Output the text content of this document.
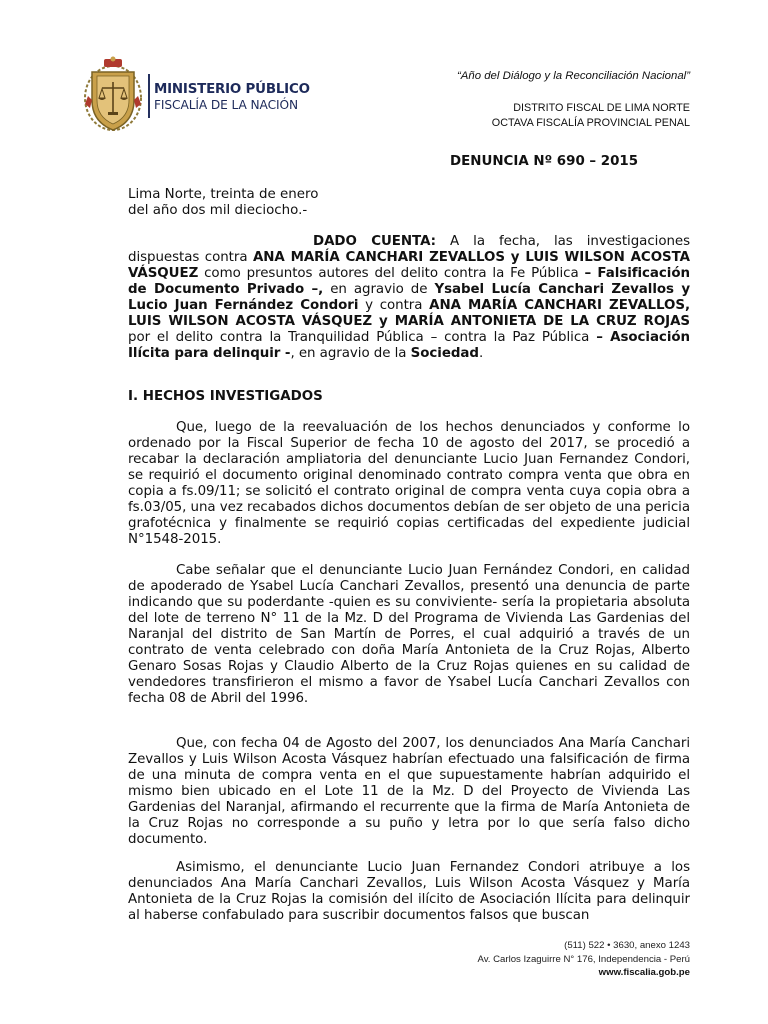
MINISTERIO PÚBLICO
FISCALÍA DE LA NACIÓN
“Año del Diálogo y la Reconciliación Nacional”
DISTRITO FISCAL DE LIMA NORTE
OCTAVA FISCALÍA PROVINCIAL PENAL
DENUNCIA Nº 690 – 2015
Lima Norte, treinta de enero
del año dos mil dieciocho.-

DADO CUENTA: A la fecha, las investigaciones dispuestas contra ANA MARÍA CANCHARI ZEVALLOS y LUIS WILSON ACOSTA VÁSQUEZ como presuntos autores del delito contra la Fe Pública – Falsificación de Documento Privado –, en agravio de Ysabel Lucía Canchari Zevallos y Lucio Juan Fernández Condori y contra ANA MARÍA CANCHARI ZEVALLOS, LUIS WILSON ACOSTA VÁSQUEZ y MARÍA ANTONIETA DE LA CRUZ ROJAS por el delito contra la Tranquilidad Pública – contra la Paz Pública – Asociación Ilícita para delinquir -, en agravio de la Sociedad.

I. HECHOS INVESTIGADOS

Que, luego de la reevaluación de los hechos denunciados y conforme lo ordenado por la Fiscal Superior de fecha 10 de agosto del 2017, se procedió a recabar la declaración ampliatoria del denunciante Lucio Juan Fernandez Condori, se requirió el documento original denominado contrato compra venta que obra en copia a fs.09/11; se solicitó el contrato original de compra venta cuya copia obra a fs.03/05, una vez recabados dichos documentos debían de ser objeto de una pericia grafotécnica y finalmente se requirió copias certificadas del expediente judicial N°1548-2015.

Cabe señalar que el denunciante Lucio Juan Fernández Condori, en calidad de apoderado de Ysabel Lucía Canchari Zevallos, presentó una denuncia de parte indicando que su poderdante -quien es su conviviente- sería la propietaria absoluta del lote de terreno N° 11 de la Mz. D del Programa de Vivienda Las Gardenias del Naranjal del distrito de San Martín de Porres, el cual adquirió a través de un contrato de venta celebrado con doña María Antonieta de la Cruz Rojas, Alberto Genaro Sosas Rojas y Claudio Alberto de la Cruz Rojas quienes en su calidad de vendedores transfirieron el mismo a favor de Ysabel Lucía Canchari Zevallos con fecha 08 de Abril del 1996.

Que, con fecha 04 de Agosto del 2007, los denunciados Ana María Canchari Zevallos y Luis Wilson Acosta Vásquez habrían efectuado una falsificación de firma de una minuta de compra venta en el que supuestamente habrían adquirido el mismo bien ubicado en el Lote 11 de la Mz. D del Proyecto de Vivienda Las Gardenias del Naranjal, afirmando el recurrente que la firma de María Antonieta de la Cruz Rojas no corresponde a su puño y letra por lo que sería falso dicho documento.

Asimismo, el denunciante Lucio Juan Fernandez Condori atribuye a los denunciados Ana María Canchari Zevallos, Luis Wilson Acosta Vásquez y María Antonieta de la Cruz Rojas la comisión del ilícito de Asociación Ilícita para delinquir al haberse confabulado para suscribir documentos falsos que buscan

(511) 522 • 3630, anexo 1243
Av. Carlos Izaguirre N° 176, Independencia - Perú
www.fiscalia.gob.pe
